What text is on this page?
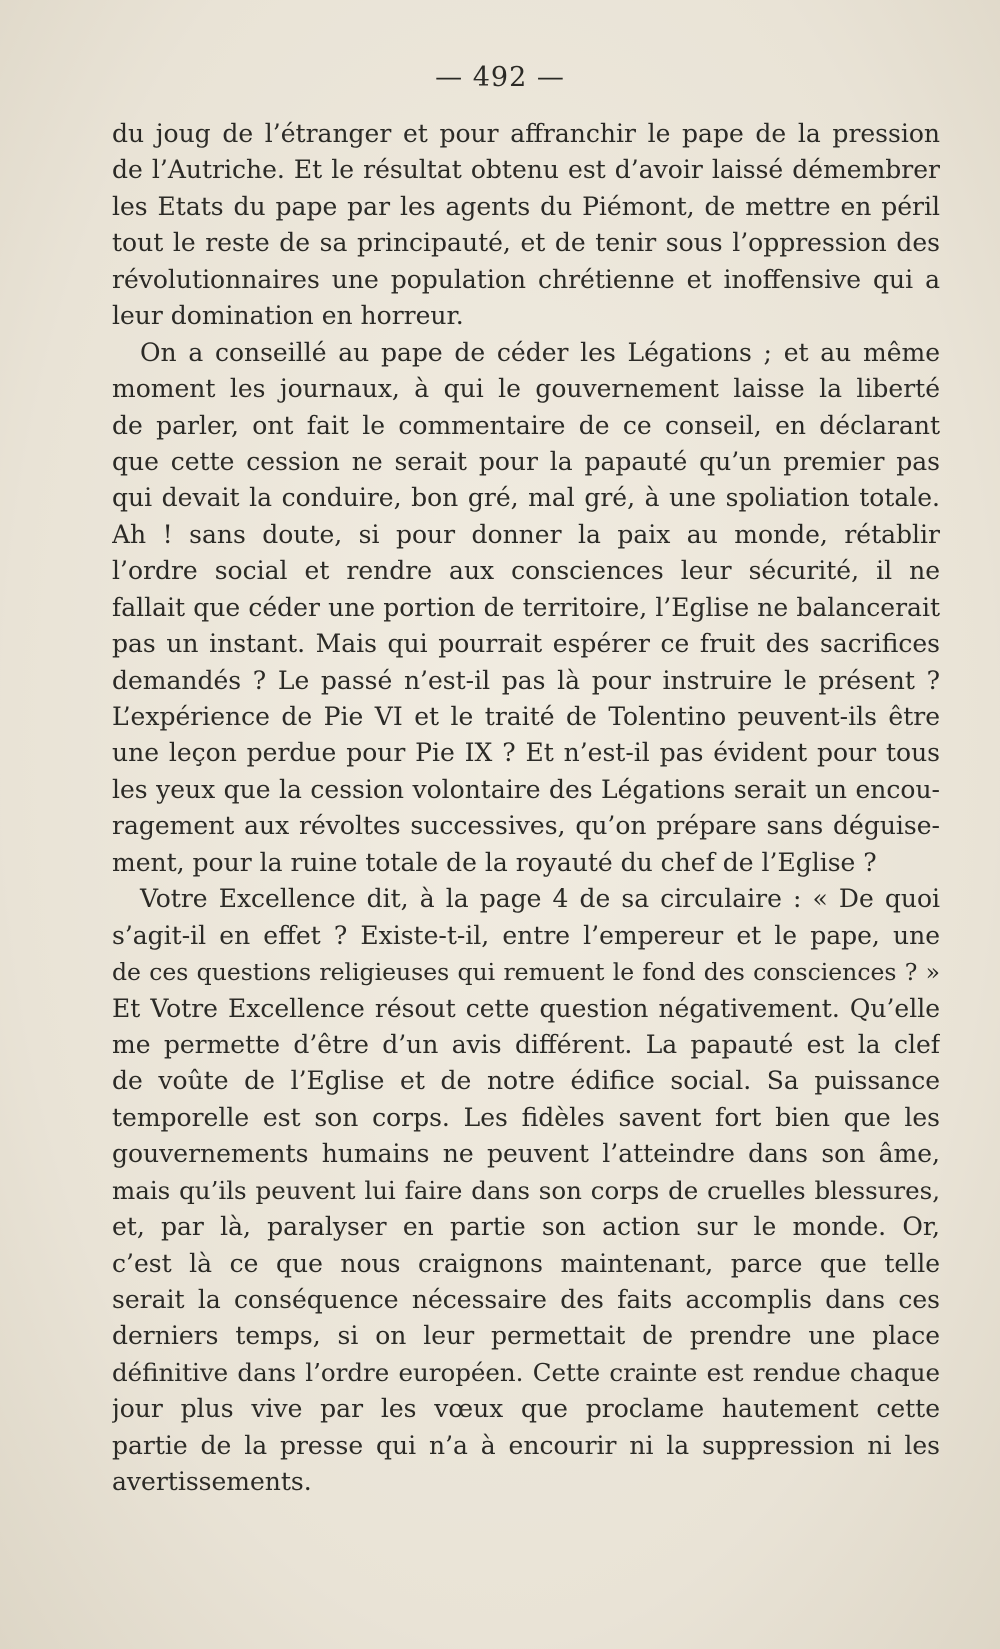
— 492 —
du joug de l’étranger et pour affranchir le pape de la pression
de l’Autriche. Et le résultat obtenu est d’avoir laissé démembrer
les Etats du pape par les agents du Piémont, de mettre en péril
tout le reste de sa principauté, et de tenir sous l’oppression des
révolutionnaires une population chrétienne et inoffensive qui a
leur domination en horreur.
On a conseillé au pape de céder les Légations ; et au même
moment les journaux, à qui le gouvernement laisse la liberté
de parler, ont fait le commentaire de ce conseil, en déclarant
que cette cession ne serait pour la papauté qu’un premier pas
qui devait la conduire, bon gré, mal gré, à une spoliation totale.
Ah ! sans doute, si pour donner la paix au monde, rétablir
l’ordre social et rendre aux consciences leur sécurité, il ne
fallait que céder une portion de territoire, l’Eglise ne balancerait
pas un instant. Mais qui pourrait espérer ce fruit des sacrifices
demandés ? Le passé n’est-il pas là pour instruire le présent ?
L’expérience de Pie VI et le traité de Tolentino peuvent-ils être
une leçon perdue pour Pie IX ? Et n’est-il pas évident pour tous
les yeux que la cession volontaire des Légations serait un encou-
ragement aux révoltes successives, qu’on prépare sans déguise-
ment, pour la ruine totale de la royauté du chef de l’Eglise ?
Votre Excellence dit, à la page 4 de sa circulaire : « De quoi
s’agit-il en effet ? Existe-t-il, entre l’empereur et le pape, une
de ces questions religieuses qui remuent le fond des consciences ? »
Et Votre Excellence résout cette question négativement. Qu’elle
me permette d’être d’un avis différent. La papauté est la clef
de voûte de l’Eglise et de notre édifice social. Sa puissance
temporelle est son corps. Les fidèles savent fort bien que les
gouvernements humains ne peuvent l’atteindre dans son âme,
mais qu’ils peuvent lui faire dans son corps de cruelles blessures,
et, par là, paralyser en partie son action sur le monde. Or,
c’est là ce que nous craignons maintenant, parce que telle
serait la conséquence nécessaire des faits accomplis dans ces
derniers temps, si on leur permettait de prendre une place
définitive dans l’ordre européen. Cette crainte est rendue chaque
jour plus vive par les vœux que proclame hautement cette
partie de la presse qui n’a à encourir ni la suppression ni les
avertissements.
